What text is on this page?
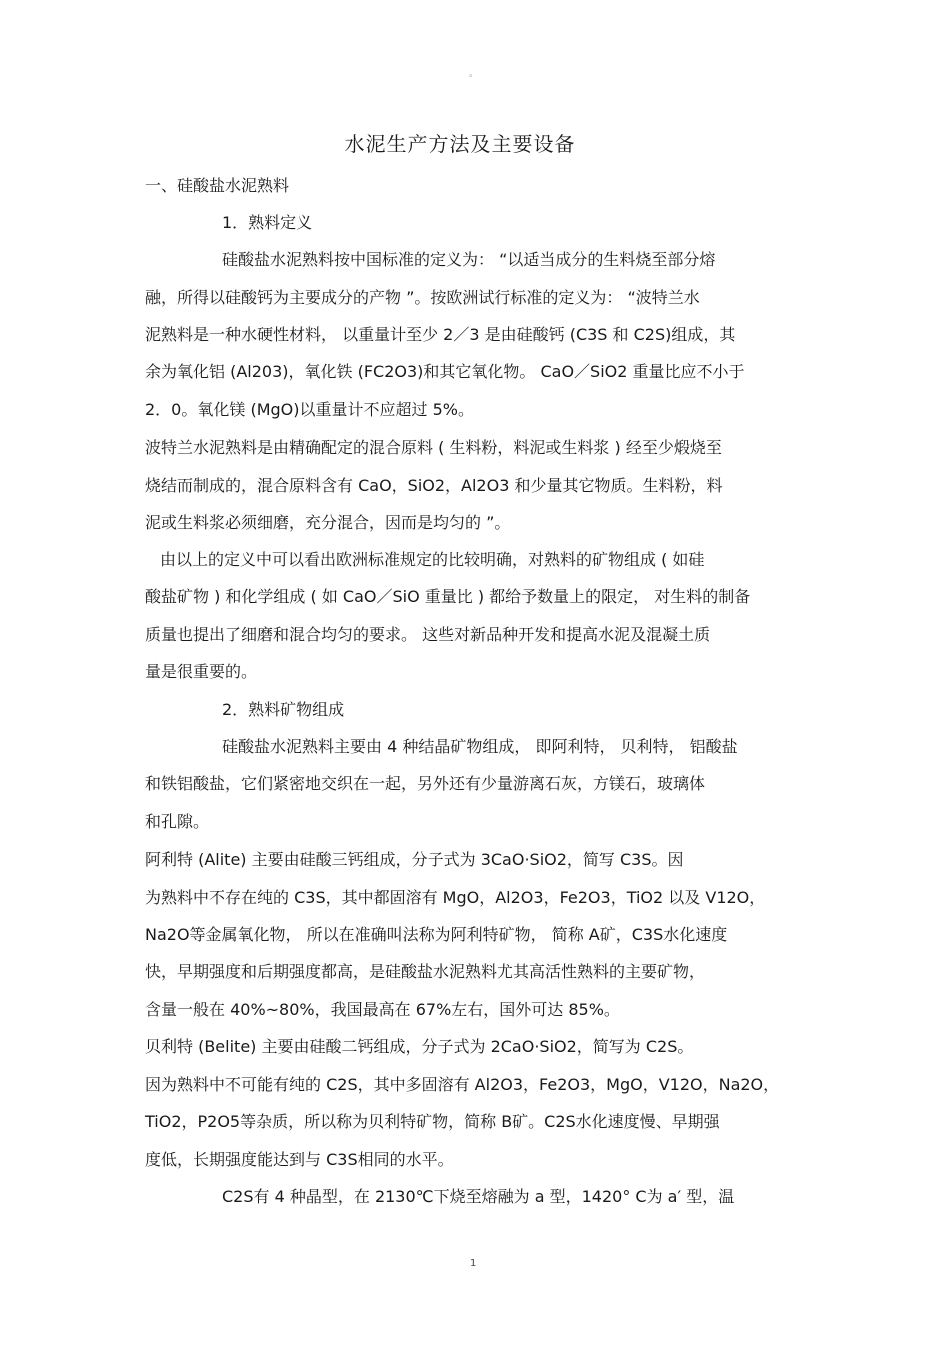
。
水泥生产方法及主要设备
一、硅酸盐水泥熟料
1．熟料定义
硅酸盐水泥熟料按中国标准的定义为： “以适当成分的生料烧至部分熔
融，所得以硅酸钙为主要成分的产物 ”。按欧洲试行标准的定义为： “波特兰水
泥熟料是一种水硬性材料， 以重量计至少 2／3 是由硅酸钙 (C3S 和 C2S)组成，其
余为氧化铝 (Al203)，氧化铁 (FC2O3)和其它氧化物。 CaO／SiO2 重量比应不小于
2．0。氧化镁 (MgO)以重量计不应超过 5%。
波特兰水泥熟料是由精确配定的混合原料 ( 生料粉，料泥或生料浆 ) 经至少煅烧至
烧结而制成的，混合原料含有 CaO，SiO2，Al2O3 和少量其它物质。生料粉，料
泥或生料浆必须细磨，充分混合，因而是均匀的 ”。
由以上的定义中可以看出欧洲标准规定的比较明确，对熟料的矿物组成 ( 如硅
酸盐矿物 ) 和化学组成 ( 如 CaO／SiO 重量比 ) 都给予数量上的限定， 对生料的制备
质量也提出了细磨和混合均匀的要求。 这些对新品种开发和提高水泥及混凝土质
量是很重要的。
2．熟料矿物组成
硅酸盐水泥熟料主要由 4 种结晶矿物组成， 即阿利特， 贝利特， 铝酸盐
和铁铝酸盐，它们紧密地交织在一起，另外还有少量游离石灰，方镁石，玻璃体
和孔隙。
阿利特 (Alite) 主要由硅酸三钙组成，分子式为 3CaO·SiO2，简写 C3S。因
为熟料中不存在纯的 C3S，其中都固溶有 MgO，Al2O3，Fe2O3，TiO2 以及 V12O，
Na2O等金属氧化物， 所以在准确叫法称为阿利特矿物， 简称 A矿，C3S水化速度
快，早期强度和后期强度都高，是硅酸盐水泥熟料尤其高活性熟料的主要矿物，
含量一般在 40%~80%，我国最高在 67%左右，国外可达 85%。
贝利特 (Belite) 主要由硅酸二钙组成，分子式为 2CaO·SiO2，简写为 C2S。
因为熟料中不可能有纯的 C2S，其中多固溶有 Al2O3，Fe2O3，MgO，V12O，Na2O，
TiO2，P2O5等杂质，所以称为贝利特矿物，简称 B矿。C2S水化速度慢、早期强
度低，长期强度能达到与 C3S相同的水平。
C2S有 4 种晶型，在 2130℃下烧至熔融为 a 型，1420° C为 a′ 型，温
1
